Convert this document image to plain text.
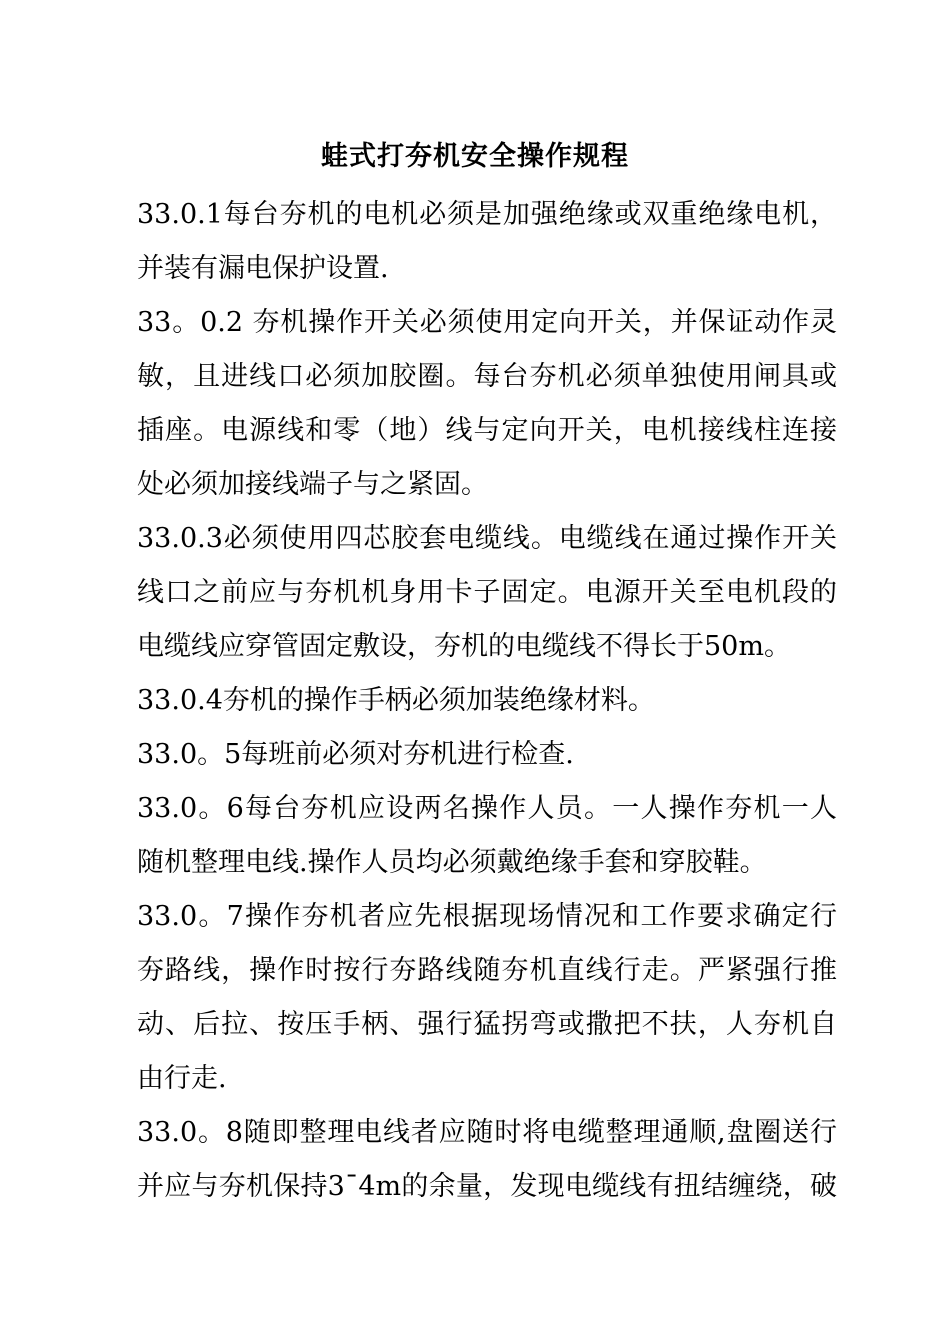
蛙式打夯机安全操作规程
33.0.1每台夯机的电机必须是加强绝缘或双重绝缘电机，
并装有漏电保护设置.
33。0.2 夯机操作开关必须使用定向开关，并保证动作灵
敏，且进线口必须加胶圈。每台夯机必须单独使用闸具或
插座。电源线和零（地）线与定向开关，电机接线柱连接
处必须加接线端子与之紧固。
33.0.3必须使用四芯胶套电缆线。电缆线在通过操作开关
线口之前应与夯机机身用卡子固定。电源开关至电机段的
电缆线应穿管固定敷设，夯机的电缆线不得长于50m。
33.0.4夯机的操作手柄必须加装绝缘材料。
33.0。5每班前必须对夯机进行检查.
33.0。6每台夯机应设两名操作人员。一人操作夯机一人
随机整理电线.操作人员均必须戴绝缘手套和穿胶鞋。
33.0。7操作夯机者应先根据现场情况和工作要求确定行
夯路线，操作时按行夯路线随夯机直线行走。严紧强行推
动、后拉、按压手柄、强行猛拐弯或撒把不扶，人夯机自
由行走.
33.0。8随即整理电线者应随时将电缆整理通顺,盘圈送行
并应与夯机保持3¯4m的余量，发现电缆线有扭结缠绕，破
